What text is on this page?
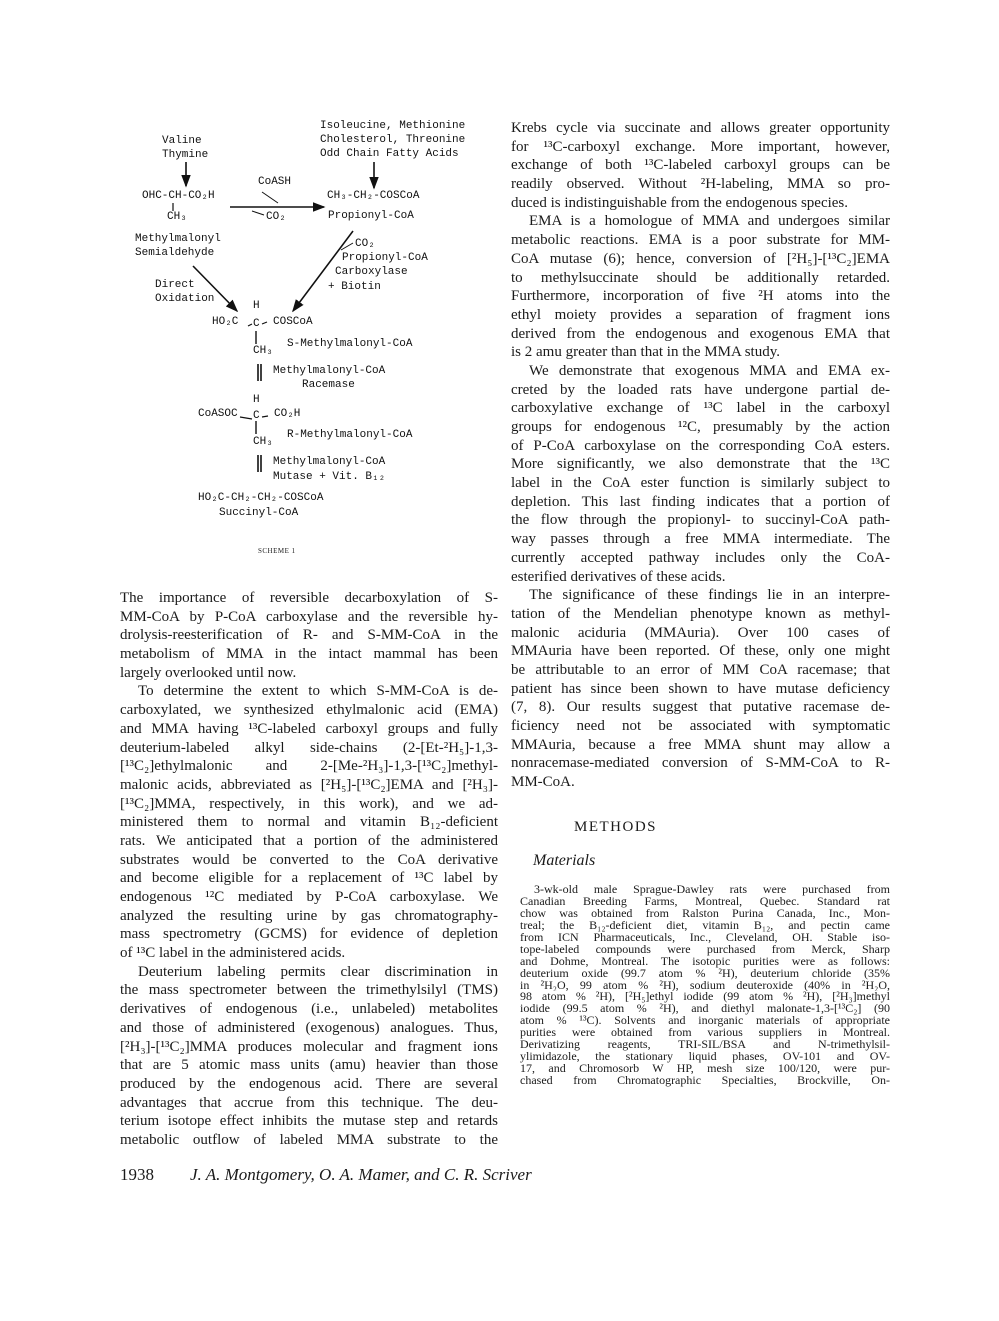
Valine
Thymine
Isoleucine, Methionine
Cholesterol, Threonine
Odd Chain Fatty Acids
OHC-CH-CO₂H
CH₃
CoASH
CO₂
CH₃-CH₂-COSCoA
Propionyl-CoA
Methylmalonyl
Semialdehyde
Direct
Oxidation
CO₂
Propionyl-CoA
Carboxylase
+ Biotin
H
HO₂C C COSCoA
CH₃
S-Methylmalonyl-CoA
Methylmalonyl-CoA
Racemase
H
CoASOC C CO₂H
CH₃
R-Methylmalonyl-CoA
Methylmalonyl-CoA
Mutase + Vit. B₁₂
HO₂C-CH₂-CH₂-COSCoA
Succinyl-CoA
SCHEME 1
The importance of reversible decarboxylation of S-
MM-CoA by P-CoA carboxylase and the reversible hy-
drolysis-reesterification of R- and S-MM-CoA in the
metabolism of MMA in the intact mammal has been
largely overlooked until now.
To determine the extent to which S-MM-CoA is de-
carboxylated, we synthesized ethylmalonic acid (EMA)
and MMA having ¹³C-labeled carboxyl groups and fully
deuterium-labeled alkyl side-chains (2-[Et-²H₅]-1,3-
[¹³C₂]ethylmalonic and 2-[Me-²H₃]-1,3-[¹³C₂]methyl-
malonic acids, abbreviated as [²H₅]-[¹³C₂]EMA and [²H₃]-
[¹³C₂]MMA, respectively, in this work), and we ad-
ministered them to normal and vitamin B₁₂-deficient
rats. We anticipated that a portion of the administered
substrates would be converted to the CoA derivative
and become eligible for a replacement of ¹³C label by
endogenous ¹²C mediated by P-CoA carboxylase. We
analyzed the resulting urine by gas chromatography-
mass spectrometry (GCMS) for evidence of depletion
of ¹³C label in the administered acids.
Deuterium labeling permits clear discrimination in
the mass spectrometer between the trimethylsilyl (TMS)
derivatives of endogenous (i.e., unlabeled) metabolites
and those of administered (exogenous) analogues. Thus,
[²H₃]-[¹³C₂]MMA produces molecular and fragment ions
that are 5 atomic mass units (amu) heavier than those
produced by the endogenous acid. There are several
advantages that accrue from this technique. The deu-
terium isotope effect inhibits the mutase step and retards
metabolic outflow of labeled MMA substrate to the
Krebs cycle via succinate and allows greater opportunity
for ¹³C-carboxyl exchange. More important, however,
exchange of both ¹³C-labeled carboxyl groups can be
readily observed. Without ²H-labeling, MMA so pro-
duced is indistinguishable from the endogenous species.
EMA is a homologue of MMA and undergoes similar
metabolic reactions. EMA is a poor substrate for MM-
CoA mutase (6); hence, conversion of [²H₅]-[¹³C₂]EMA
to methylsuccinate should be additionally retarded.
Furthermore, incorporation of five ²H atoms into the
ethyl moiety provides a separation of fragment ions
derived from the endogenous and exogenous EMA that
is 2 amu greater than that in the MMA study.
We demonstrate that exogenous MMA and EMA ex-
creted by the loaded rats have undergone partial de-
carboxylative exchange of ¹³C label in the carboxyl
groups for endogenous ¹²C, presumably by the action
of P-CoA carboxylase on the corresponding CoA esters.
More significantly, we also demonstrate that the ¹³C
label in the CoA ester function is similarly subject to
depletion. This last finding indicates that a portion of
the flow through the propionyl- to succinyl-CoA path-
way passes through a free MMA intermediate. The
currently accepted pathway includes only the CoA-
esterified derivatives of these acids.
The significance of these findings lie in an interpre-
tation of the Mendelian phenotype known as methyl-
malonic aciduria (MMAuria). Over 100 cases of
MMAuria have been reported. Of these, only one might
be attributable to an error of MM CoA racemase; that
patient has since been shown to have mutase deficiency
(7, 8). Our results suggest that putative racemase de-
ficiency need not be associated with symptomatic
MMAuria, because a free MMA shunt may allow a
nonracemase-mediated conversion of S-MM-CoA to R-
MM-CoA.
METHODS
Materials
3-wk-old male Sprague-Dawley rats were purchased from
Canadian Breeding Farms, Montreal, Quebec. Standard rat
chow was obtained from Ralston Purina Canada, Inc., Mon-
treal; the B₁₂-deficient diet, vitamin B₁₂, and pectin came
from ICN Pharmaceuticals, Inc., Cleveland, OH. Stable iso-
tope-labeled compounds were purchased from Merck, Sharp
and Dohme, Montreal. The isotopic purities were as follows:
deuterium oxide (99.7 atom % ²H), deuterium chloride (35%
in ²H₂O, 99 atom % ²H), sodium deuteroxide (40% in ²H₂O,
98 atom % ²H), [²H₅]ethyl iodide (99 atom % ²H), [²H₃]methyl
iodide (99.5 atom % ²H), and diethyl malonate-1,3-[¹³C₂] (90
atom % ¹³C). Solvents and inorganic materials of appropriate
purities were obtained from various suppliers in Montreal.
Derivatizing reagents, TRI-SIL/BSA and N-trimethylsil-
ylimidazole, the stationary liquid phases, OV-101 and OV-
17, and Chromosorb W HP, mesh size 100/120, were pur-
chased from Chromatographic Specialties, Brockville, On-
1938 J. A. Montgomery, O. A. Mamer, and C. R. Scriver
